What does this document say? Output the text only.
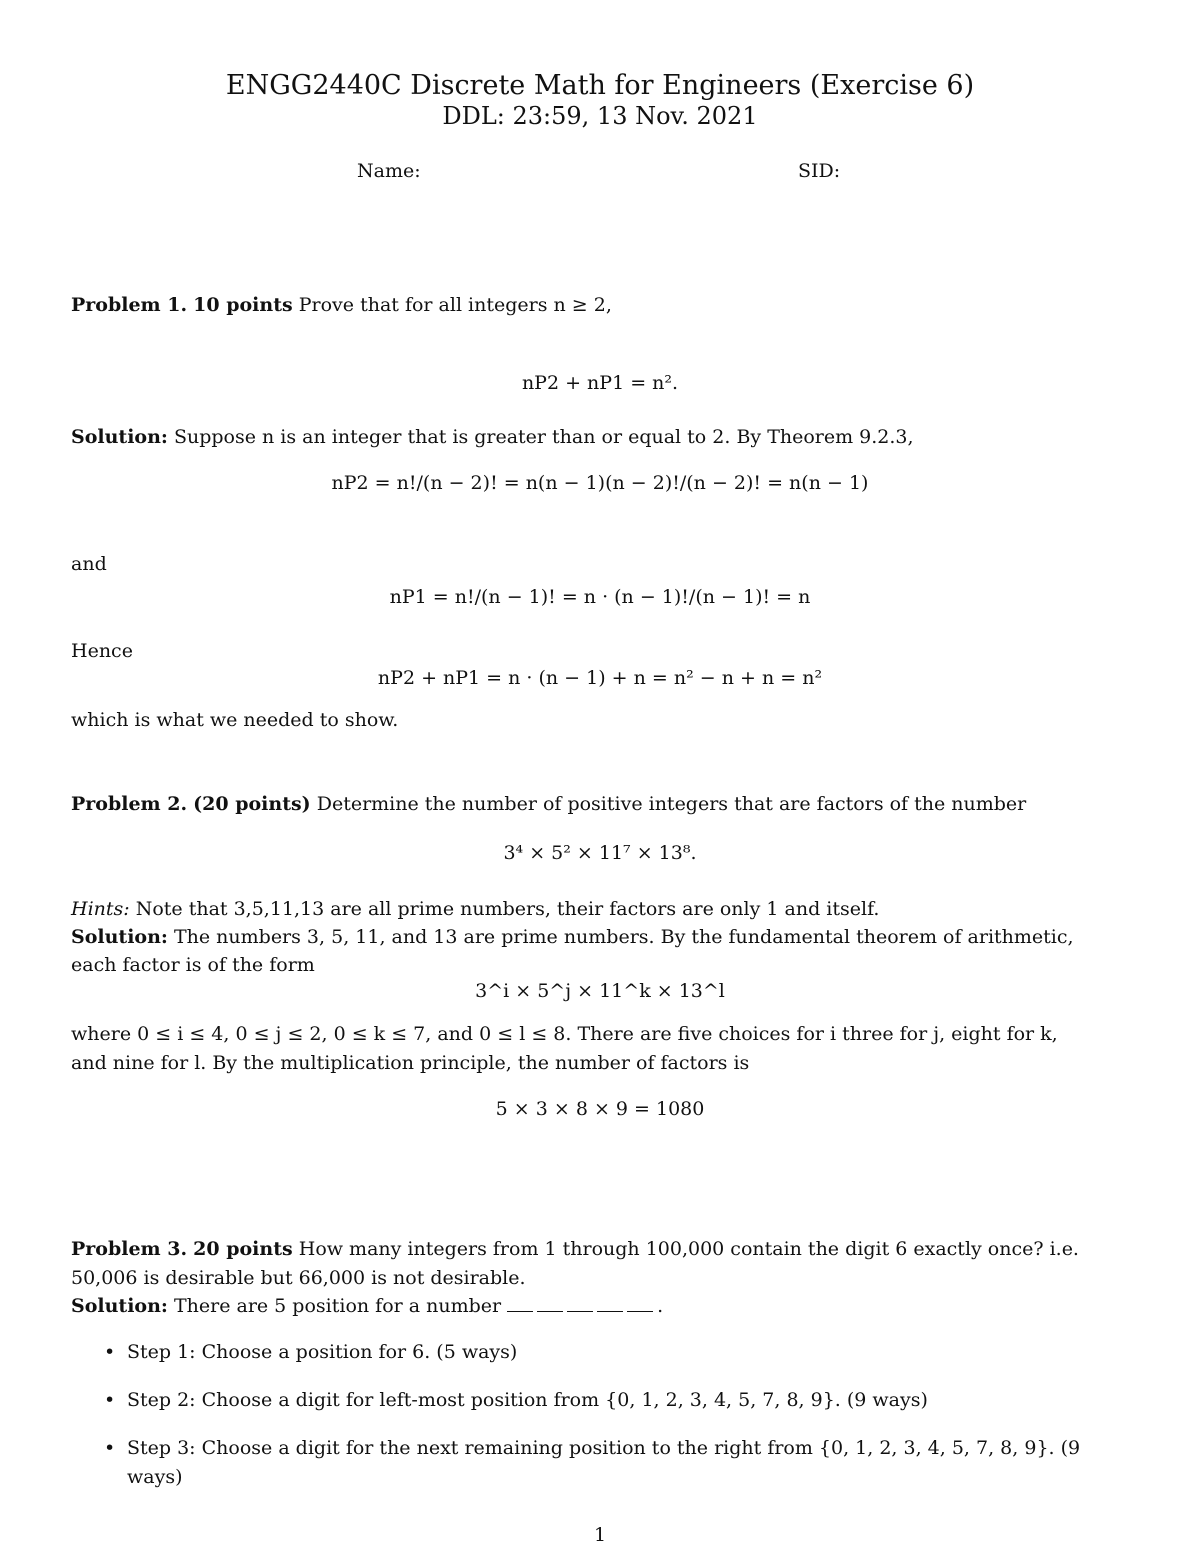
ENGG2440C Discrete Math for Engineers (Exercise 6)
DDL: 23:59, 13 Nov. 2021
Name:	SID:
Problem 1. 10 points Prove that for all integers n ≥ 2,
nP2 + nP1 = n².
Solution: Suppose n is an integer that is greater than or equal to 2. By Theorem 9.2.3,
nP2 = n!/(n − 2)! = n(n − 1)(n − 2)!/(n − 2)! = n(n − 1)
and
nP1 = n!/(n − 1)! = n · (n − 1)!/(n − 1)! = n
Hence
nP2 + nP1 = n · (n − 1) + n = n² − n + n = n²
which is what we needed to show.
Problem 2. (20 points) Determine the number of positive integers that are factors of the number
3⁴ × 5² × 11⁷ × 13⁸.
Hints: Note that 3,5,11,13 are all prime numbers, their factors are only 1 and itself.
Solution: The numbers 3, 5, 11, and 13 are prime numbers. By the fundamental theorem of arithmetic,
each factor is of the form
3^i × 5^j × 11^k × 13^l
where 0 ≤ i ≤ 4, 0 ≤ j ≤ 2, 0 ≤ k ≤ 7, and 0 ≤ l ≤ 8. There are five choices for i three for j, eight for k,
and nine for l. By the multiplication principle, the number of factors is
5 × 3 × 8 × 9 = 1080
Problem 3. 20 points How many integers from 1 through 100,000 contain the digit 6 exactly once? i.e.
50,006 is desirable but 66,000 is not desirable.
Solution: There are 5 position for a number	.
• Step 1: Choose a position for 6. (5 ways)
• Step 2: Choose a digit for left-most position from {0, 1, 2, 3, 4, 5, 7, 8, 9}. (9 ways)
• Step 3: Choose a digit for the next remaining position to the right from {0, 1, 2, 3, 4, 5, 7, 8, 9}. (9 ways)
1
